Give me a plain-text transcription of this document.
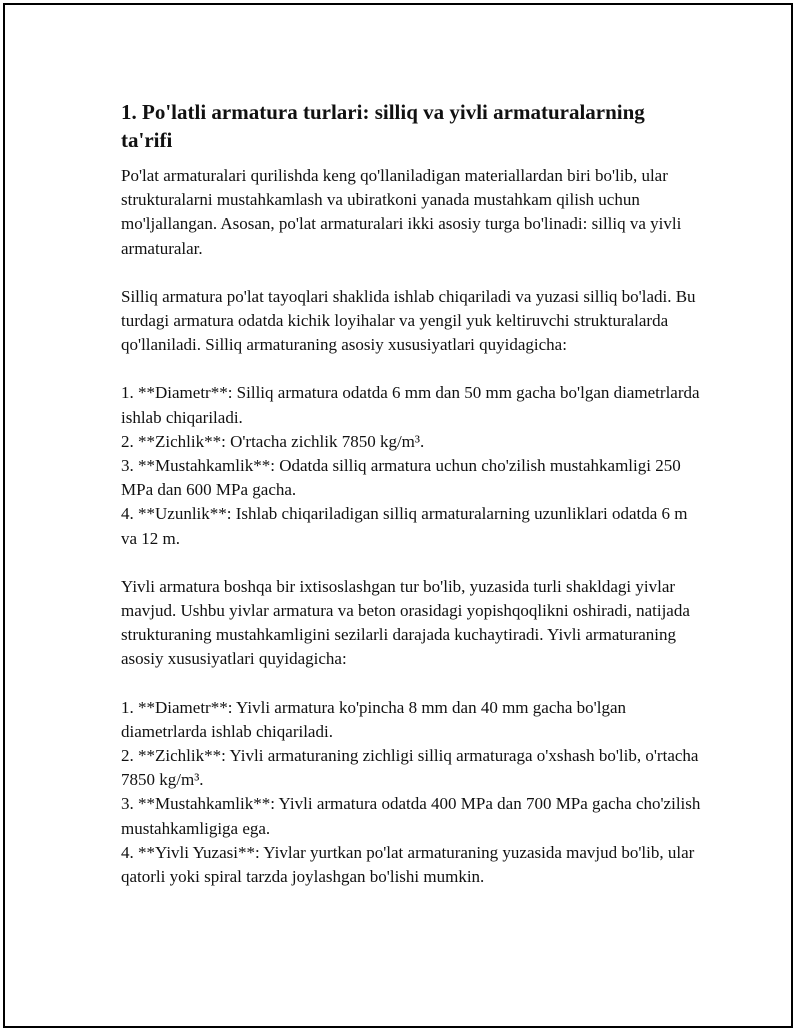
1. Po'latli armatura turlari: silliq va yivli armaturalarning ta'rifi

Po'lat armaturalari qurilishda keng qo'llaniladigan materiallardan biri bo'lib, ular strukturalarni mustahkamlash va ubiratkoni yanada mustahkam qilish uchun mo'ljallangan. Asosan, po'lat armaturalari ikki asosiy turga bo'linadi: silliq va yivli armaturalar.

Silliq armatura po'lat tayoqlari shaklida ishlab chiqariladi va yuzasi silliq bo'ladi. Bu turdagi armatura odatda kichik loyihalar va yengil yuk keltiruvchi strukturalarda qo'llaniladi. Silliq armaturaning asosiy xususiyatlari quyidagicha:

1. **Diametr**: Silliq armatura odatda 6 mm dan 50 mm gacha bo'lgan diametrlarda ishlab chiqariladi.

2. **Zichlik**: O'rtacha zichlik 7850 kg/m³.

3. **Mustahkamlik**: Odatda silliq armatura uchun cho'zilish mustahkamligi 250 MPa dan 600 MPa gacha.

4. **Uzunlik**: Ishlab chiqariladigan silliq armaturalarning uzunliklari odatda 6 m va 12 m.

Yivli armatura boshqa bir ixtisoslashgan tur bo'lib, yuzasida turli shakldagi yivlar mavjud. Ushbu yivlar armatura va beton orasidagi yopishqoqlikni oshiradi, natijada strukturaning mustahkamligini sezilarli darajada kuchaytiradi. Yivli armaturaning asosiy xususiyatlari quyidagicha:

1. **Diametr**: Yivli armatura ko'pincha 8 mm dan 40 mm gacha bo'lgan diametrlarda ishlab chiqariladi.

2. **Zichlik**: Yivli armaturaning zichligi silliq armaturaga o'xshash bo'lib, o'rtacha 7850 kg/m³.

3. **Mustahkamlik**: Yivli armatura odatda 400 MPa dan 700 MPa gacha cho'zilish mustahkamligiga ega.

4. **Yivli Yuzasi**: Yivlar yurtkan po'lat armaturaning yuzasida mavjud bo'lib, ular qatorli yoki spiral tarzda joylashgan bo'lishi mumkin.
